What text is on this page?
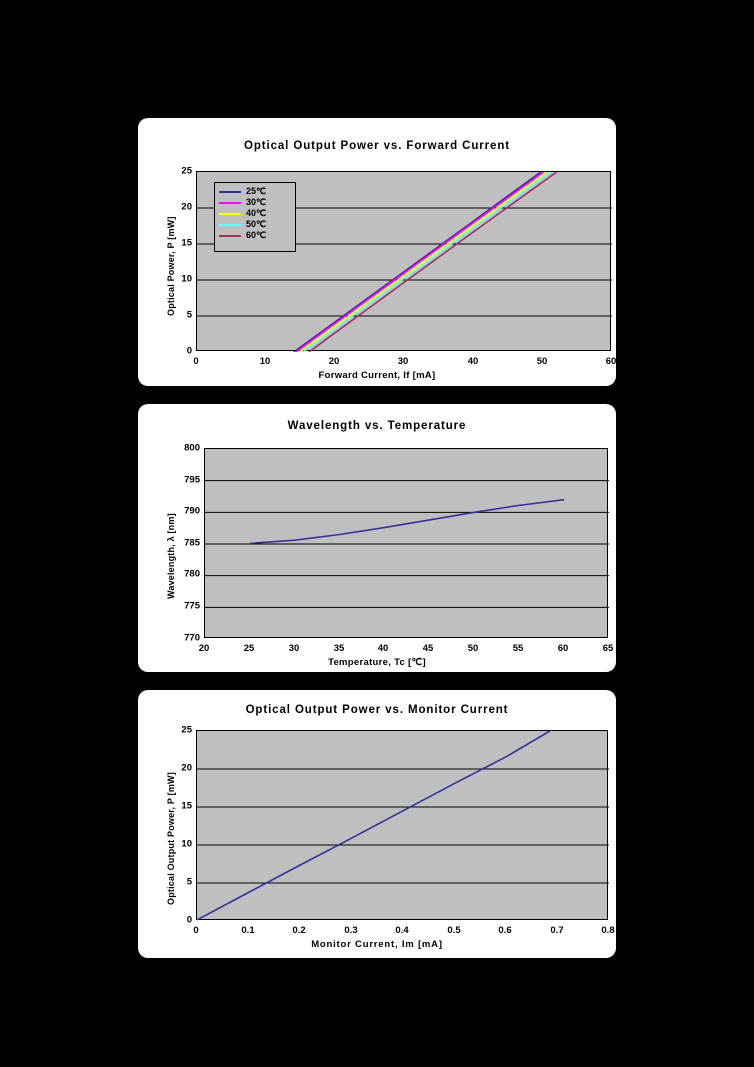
Optical Output Power vs. Forward Current
25
20
15
10
5
0
0	10	20	30	40	50	60
Forward Current, If [mA]
Optical Power, P [mW]
25℃
30℃
40℃
50℃
60℃
Wavelength vs. Temperature
800
795
790
785
780
775
770
20	25	30	35	40	45	50	55	60	65
Temperature, Tc [℃]
Wavelength, λ [nm]
Optical Output Power vs. Monitor Current
25
20
15
10
5
0
0	0.1	0.2	0.3	0.4	0.5	0.6	0.7	0.8
Monitor Current, Im [mA]
Optical Output Power, P [mW]
